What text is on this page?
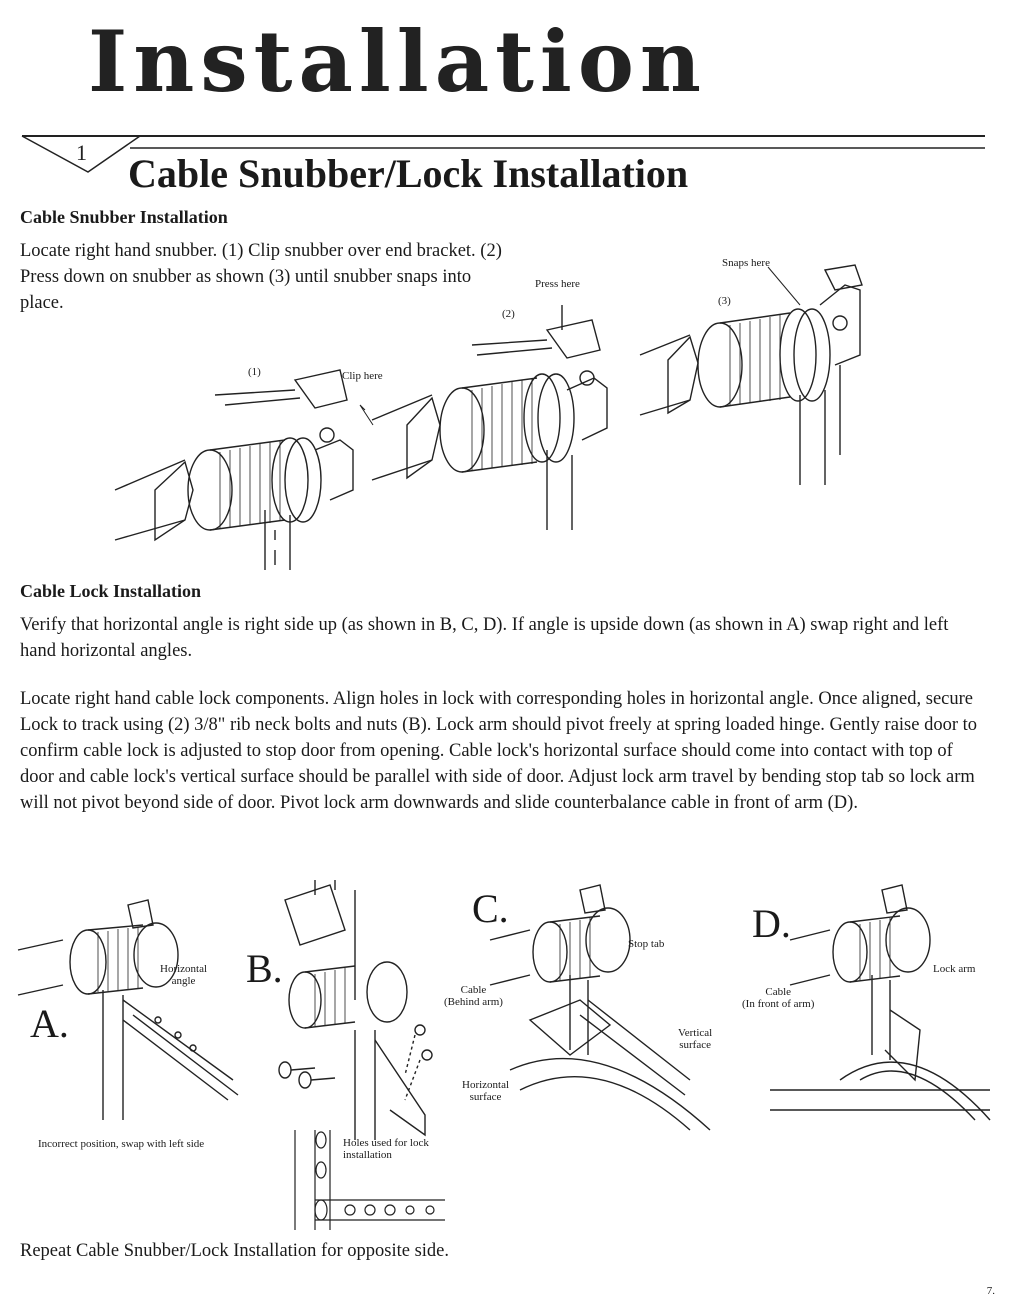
Installation
1 Cable Snubber/Lock Installation
Cable Snubber Installation

Locate right hand snubber. (1) Clip snubber over end bracket. (2) Press down on snubber as shown (3) until snubber snaps into place.

(1)	Clip here
(2)
Press here
(3)
Snaps here
Cable Lock Installation

Verify that horizontal angle is right side up (as shown in B, C, D). If angle is upside down (as shown in A) swap right and left hand horizontal angles.

Locate right hand cable lock components. Align holes in lock with corresponding holes in horizontal angle. Once aligned, secure Lock to track using (2) 3/8" rib neck bolts and nuts (B). Lock arm should pivot freely at spring loaded hinge. Gently raise door to confirm cable lock is adjusted to stop door from opening. Cable lock's horizontal surface should come into contact with top of door and cable lock's vertical surface should be parallel with side of door. Adjust lock arm travel by bending stop tab so lock arm will not pivot beyond side of door. Pivot lock arm downwards and slide counterbalance cable in front of arm (D).

A.
Horizontal
angle
Incorrect position, swap with left side
B.
Holes used for lock
installation
C.
Stop tab
Cable
(Behind arm)
Vertical
surface
Horizontal
surface
D.
Cable
(In front of arm)
Lock arm

Repeat Cable Snubber/Lock Installation for opposite side.

7.
